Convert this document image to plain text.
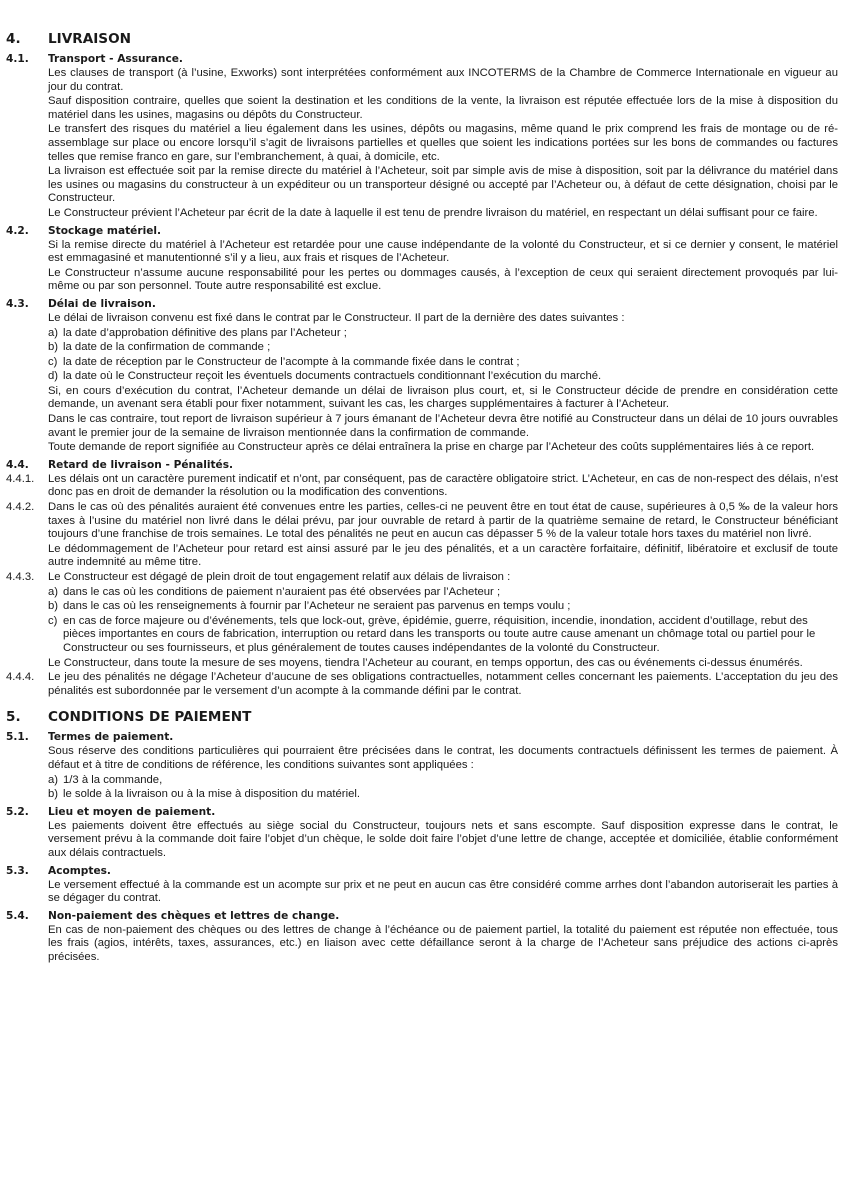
4.	LIVRAISON
4.1.	Transport - Assurance.

Les clauses de transport (à l’usine, Exworks) sont interprétées conformément aux INCOTERMS de la Chambre de Commerce Internationale en vigueur au jour du contrat.

Sauf disposition contraire, quelles que soient la destination et les conditions de la vente, la livraison est réputée effectuée lors de la mise à disposition du matériel dans les usines, magasins ou dépôts du Constructeur.

Le transfert des risques du matériel a lieu également dans les usines, dépôts ou magasins, même quand le prix comprend les frais de montage ou de ré-assemblage sur place ou encore lorsqu’il s’agit de livraisons partielles et quelles que soient les indications portées sur les bons de commandes ou factures telles que remise franco en gare, sur l’embranchement, à quai, à domicile, etc.

La livraison est effectuée soit par la remise directe du matériel à l’Acheteur, soit par simple avis de mise à disposition, soit par la délivrance du matériel dans les usines ou magasins du constructeur à un expéditeur ou un transporteur désigné ou accepté par l’Acheteur ou, à défaut de cette désignation, choisi par le Constructeur.

Le Constructeur prévient l’Acheteur par écrit de la date à laquelle il est tenu de prendre livraison du matériel, en respectant un délai suffisant pour ce faire.

4.2.	Stockage matériel.

Si la remise directe du matériel à l’Acheteur est retardée pour une cause indépendante de la volonté du Constructeur, et si ce dernier y consent, le matériel est emmagasiné et manutentionné s’il y a lieu, aux frais et risques de l’Acheteur.

Le Constructeur n’assume aucune responsabilité pour les pertes ou dommages causés, à l’exception de ceux qui seraient directement provoqués par lui-même ou par son personnel. Toute autre responsabilité est exclue.

4.3.	Délai de livraison.

Le délai de livraison convenu est fixé dans le contrat par le Constructeur. Il part de la dernière des dates suivantes :

a) la date d’approbation définitive des plans par l’Acheteur ;
b) la date de la confirmation de commande ;
c) la date de réception par le Constructeur de l’acompte à la commande fixée dans le contrat ;
d) la date où le Constructeur reçoit les éventuels documents contractuels conditionnant l’exécution du marché.

Si, en cours d’exécution du contrat, l’Acheteur demande un délai de livraison plus court, et, si le Constructeur décide de prendre en considération cette demande, un avenant sera établi pour fixer notamment, suivant les cas, les charges supplémentaires à facturer à l’Acheteur.

Dans le cas contraire, tout report de livraison supérieur à 7 jours émanant de l’Acheteur devra être notifié au Constructeur dans un délai de 10 jours ouvrables avant le premier jour de la semaine de livraison mentionnée dans la confirmation de commande.

Toute demande de report signifiée au Constructeur après ce délai entraînera la prise en charge par l’Acheteur des coûts supplémentaires liés à ce report.

4.4.	Retard de livraison - Pénalités.
4.4.1.	Les délais ont un caractère purement indicatif et n’ont, par conséquent, pas de caractère obligatoire strict. L’Acheteur, en cas de non-respect des délais, n’est donc pas en droit de demander la résolution ou la modification des conventions.
4.4.2.	Dans le cas où des pénalités auraient été convenues entre les parties, celles-ci ne peuvent être en tout état de cause, supérieures à 0,5 ‰ de la valeur hors taxes à l’usine du matériel non livré dans le délai prévu, par jour ouvrable de retard à partir de la quatrième semaine de retard, le Constructeur bénéficiant toujours d’une franchise de trois semaines. Le total des pénalités ne peut en aucun cas dépasser 5 % de la valeur totale hors taxes du matériel non livré.

Le dédommagement de l’Acheteur pour retard est ainsi assuré par le jeu des pénalités, et a un caractère forfaitaire, définitif, libératoire et exclusif de toute autre indemnité au même titre.

4.4.3.	Le Constructeur est dégagé de plein droit de tout engagement relatif aux délais de livraison :
a) dans le cas où les conditions de paiement n’auraient pas été observées par l’Acheteur ;
b) dans le cas où les renseignements à fournir par l’Acheteur ne seraient pas parvenus en temps voulu ;
c) en cas de force majeure ou d’événements, tels que lock-out, grève, épidémie, guerre, réquisition, incendie, inondation, accident d’outillage, rebut des pièces importantes en cours de fabrication, interruption ou retard dans les transports ou toute autre cause amenant un chômage total ou partiel pour le Constructeur ou ses fournisseurs, et plus généralement de toutes causes indépendantes de la volonté du Constructeur.

Le Constructeur, dans toute la mesure de ses moyens, tiendra l’Acheteur au courant, en temps opportun, des cas ou événements ci-dessus énumérés.

4.4.4.	Le jeu des pénalités ne dégage l’Acheteur d’aucune de ses obligations contractuelles, notamment celles concernant les paiements. L’acceptation du jeu des pénalités est subordonnée par le versement d’un acompte à la commande défini par le contrat.
5.	CONDITIONS DE PAIEMENT
5.1.	Termes de paiement.

Sous réserve des conditions particulières qui pourraient être précisées dans le contrat, les documents contractuels définissent les termes de paiement. À défaut et à titre de conditions de référence, les conditions suivantes sont appliquées :

a) 1/3 à la commande,
b) le solde à la livraison ou à la mise à disposition du matériel.
5.2.	Lieu et moyen de paiement.

Les paiements doivent être effectués au siège social du Constructeur, toujours nets et sans escompte. Sauf disposition expresse dans le contrat, le versement prévu à la commande doit faire l’objet d’un chèque, le solde doit faire l’objet d’une lettre de change, acceptée et domiciliée, établie conformément aux délais contractuels.

5.3.	Acomptes.

Le versement effectué à la commande est un acompte sur prix et ne peut en aucun cas être considéré comme arrhes dont l’abandon autoriserait les parties à se dégager du contrat.

5.4.	Non-paiement des chèques et lettres de change.

En cas de non-paiement des chèques ou des lettres de change à l’échéance ou de paiement partiel, la totalité du paiement est réputée non effectuée, tous les frais (agios, intérêts, taxes, assurances, etc.) en liaison avec cette défaillance seront à la charge de l’Acheteur sans préjudice des actions ci-après précisées.
